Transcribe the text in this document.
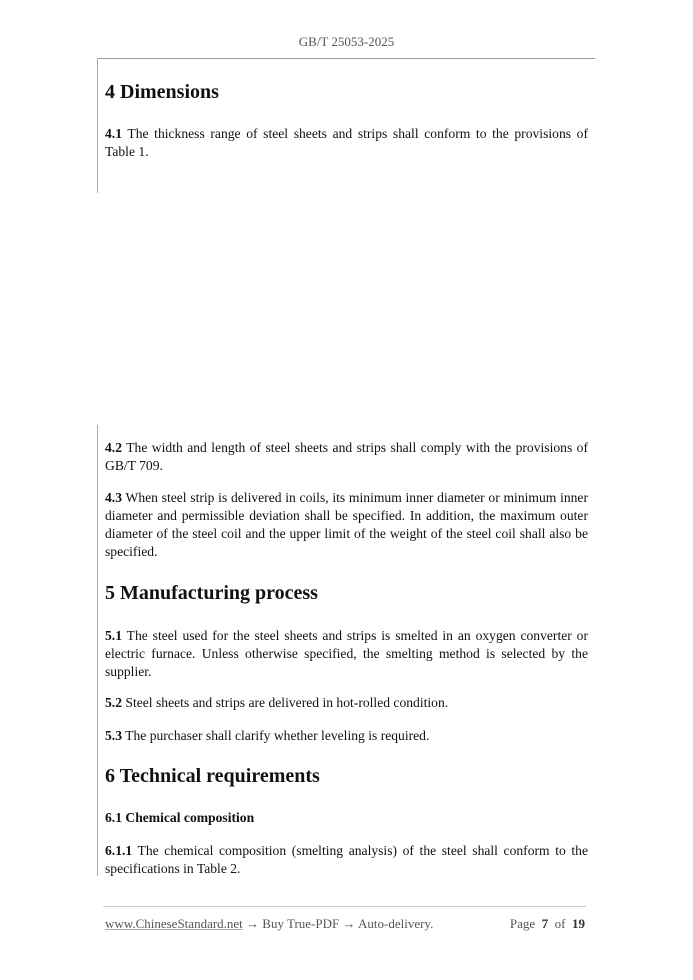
GB/T 25053-2025
4 Dimensions
4.1 The thickness range of steel sheets and strips shall conform to the provisions of Table 1.
4.2 The width and length of steel sheets and strips shall comply with the provisions of GB/T 709.
4.3 When steel strip is delivered in coils, its minimum inner diameter or minimum inner diameter and permissible deviation shall be specified. In addition, the maximum outer diameter of the steel coil and the upper limit of the weight of the steel coil shall also be specified.
5 Manufacturing process
5.1 The steel used for the steel sheets and strips is smelted in an oxygen converter or electric furnace. Unless otherwise specified, the smelting method is selected by the supplier.
5.2 Steel sheets and strips are delivered in hot-rolled condition.
5.3 The purchaser shall clarify whether leveling is required.
6 Technical requirements
6.1 Chemical composition
6.1.1 The chemical composition (smelting analysis) of the steel shall conform to the specifications in Table 2.
www.ChineseStandard.net → Buy True-PDF → Auto-delivery.	Page 7 of 19
